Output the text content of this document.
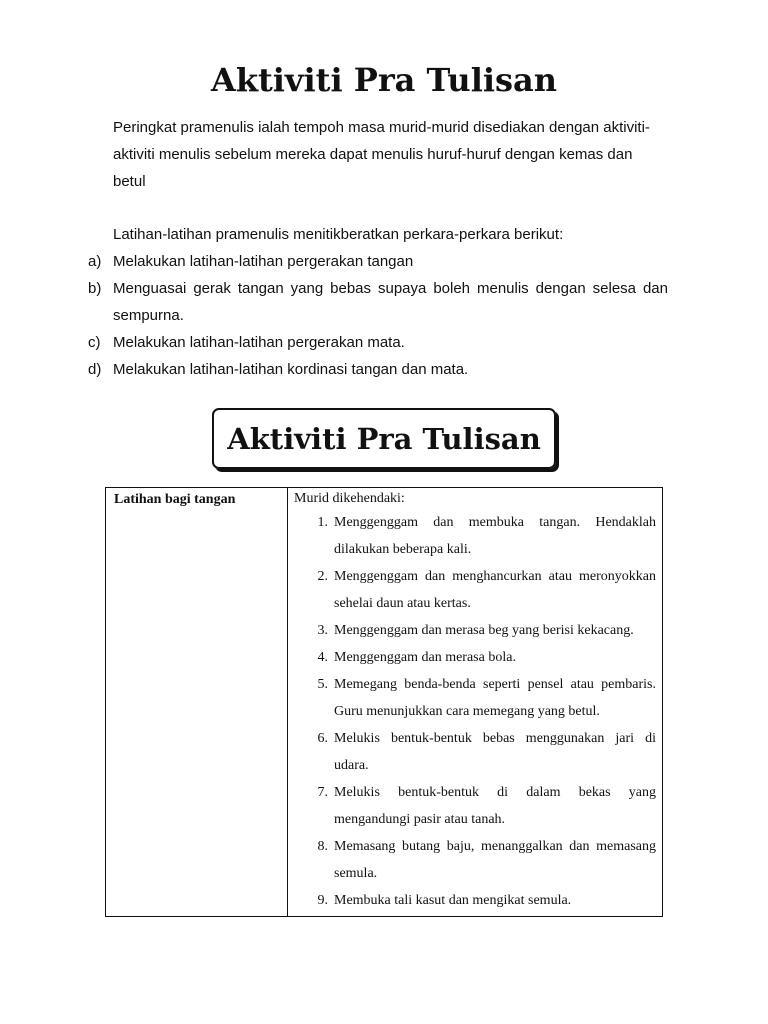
Aktiviti Pra Tulisan

Peringkat pramenulis ialah tempoh masa murid-murid disediakan dengan aktiviti-aktiviti menulis sebelum mereka dapat menulis huruf-huruf dengan kemas dan betul

Latihan-latihan pramenulis menitikberatkan perkara-perkara berikut:

a) Melakukan latihan-latihan pergerakan tangan
b) Menguasai gerak tangan yang bebas supaya boleh menulis dengan selesa dan sempurna.
c) Melakukan latihan-latihan pergerakan mata.
d) Melakukan latihan-latihan kordinasi tangan dan mata.
Aktiviti Pra Tulisan
Latihan bagi tangan	Murid dikehendaki:
1. Menggenggam dan membuka tangan. Hendaklah dilakukan beberapa kali.
2. Menggenggam dan menghancurkan atau meronyokkan sehelai daun atau kertas.
3. Menggenggam dan merasa beg yang berisi kekacang.
4. Menggenggam dan merasa bola.
5. Memegang benda-benda seperti pensel atau pembaris. Guru menunjukkan cara memegang yang betul.
6. Melukis bentuk-bentuk bebas menggunakan jari di udara.
7. Melukis bentuk-bentuk di dalam bekas yang mengandungi pasir atau tanah.
8. Memasang butang baju, menanggalkan dan memasang semula.
9. Membuka tali kasut dan mengikat semula.
